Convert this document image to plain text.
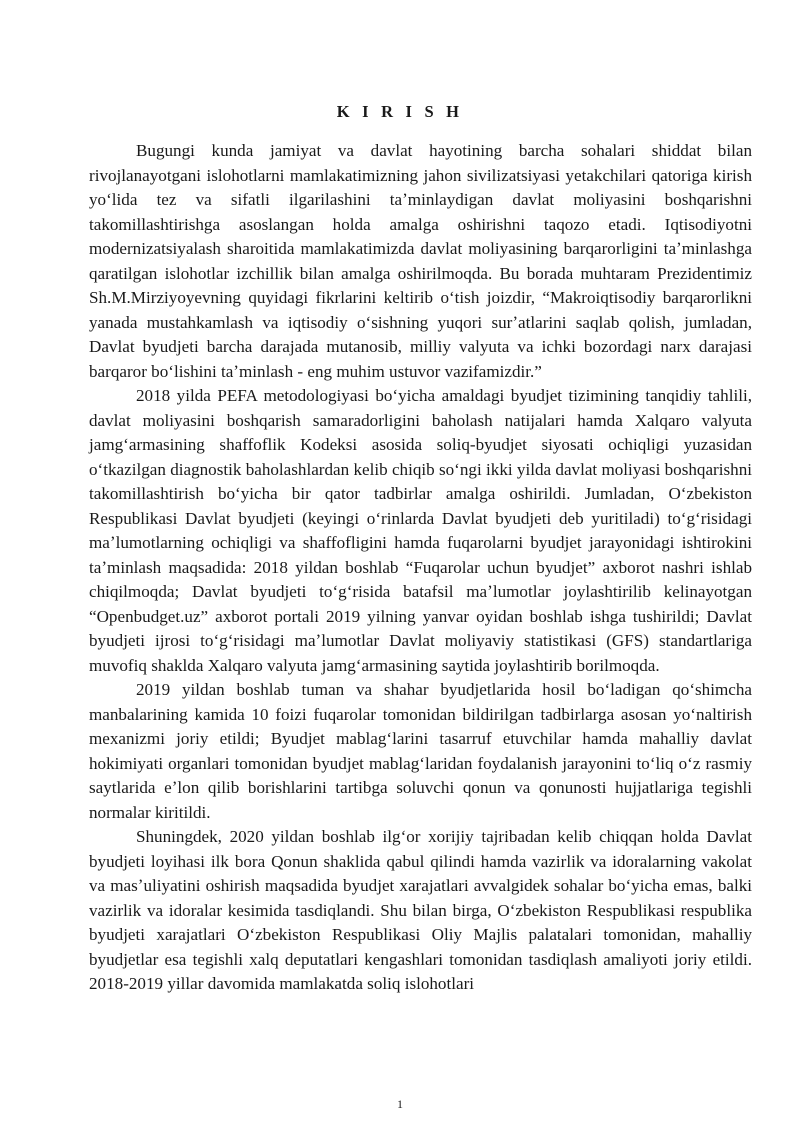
K I R I S H

Bugungi kunda jamiyat va davlat hayotining barcha sohalari shiddat bilan rivojlanayotgani islohotlarni mamlakatimizning jahon sivilizatsiyasi yetakchilari qatoriga kirish yoʻlida tez va sifatli ilgarilashini taʼminlaydigan davlat moliyasini boshqarishni takomillashtirishga asoslangan holda amalga oshirishni taqozo etadi. Iqtisodiyotni modernizatsiyalash sharoitida mamlakatimizda davlat moliyasining barqarorligini taʼminlashga qaratilgan islohotlar izchillik bilan amalga oshirilmoqda. Bu borada muhtaram Prezidentimiz Sh.M.Mirziyoyevning quyidagi fikrlarini keltirib oʻtish joizdir, “Makroiqtisodiy barqarorlikni yanada mustahkamlash va iqtisodiy oʻsishning yuqori surʼatlarini saqlab qolish, jumladan, Davlat byudjeti barcha darajada mutanosib, milliy valyuta va ichki bozordagi narx darajasi barqaror boʻlishini taʼminlash - eng muhim ustuvor vazifamizdir.”

2018 yilda PEFA metodologiyasi boʻyicha amaldagi byudjet tizimining tanqidiy tahlili, davlat moliyasini boshqarish samaradorligini baholash natijalari hamda Xalqaro valyuta jamgʻarmasining shaffoflik Kodeksi asosida soliq-byudjet siyosati ochiqligi yuzasidan oʻtkazilgan diagnostik baholashlardan kelib chiqib soʻngi ikki yilda davlat moliyasi boshqarishni takomillashtirish boʻyicha bir qator tadbirlar amalga oshirildi. Jumladan, Oʻzbekiston Respublikasi Davlat byudjeti (keyingi oʻrinlarda Davlat byudjeti deb yuritiladi) toʻgʻrisidagi maʼlumotlarning ochiqligi va shaffofligini hamda fuqarolarni byudjet jarayonidagi ishtirokini taʼminlash maqsadida: 2018 yildan boshlab “Fuqarolar uchun byudjet” axborot nashri ishlab chiqilmoqda; Davlat byudjeti toʻgʻrisida batafsil maʼlumotlar joylashtirilib kelinayotgan “Openbudget.uz” axborot portali 2019 yilning yanvar oyidan boshlab ishga tushirildi; Davlat byudjeti ijrosi toʻgʻrisidagi maʼlumotlar Davlat moliyaviy statistikasi (GFS) standartlariga muvofiq shaklda Xalqaro valyuta jamgʻarmasining saytida joylashtirib borilmoqda.

2019 yildan boshlab tuman va shahar byudjetlarida hosil boʻladigan qoʻshimcha manbalarining kamida 10 foizi fuqarolar tomonidan bildirilgan tadbirlarga asosan yoʻnaltirish mexanizmi joriy etildi; Byudjet mablagʻlarini tasarruf etuvchilar hamda mahalliy davlat hokimiyati organlari tomonidan byudjet mablagʻlaridan foydalanish jarayonini toʻliq oʻz rasmiy saytlarida eʼlon qilib borishlarini tartibga soluvchi qonun va qonunosti hujjatlariga tegishli normalar kiritildi.

Shuningdek, 2020 yildan boshlab ilgʻor xorijiy tajribadan kelib chiqqan holda Davlat byudjeti loyihasi ilk bora Qonun shaklida qabul qilindi hamda vazirlik va idoralarning vakolat va masʼuliyatini oshirish maqsadida byudjet xarajatlari avvalgidek sohalar boʻyicha emas, balki vazirlik va idoralar kesimida tasdiqlandi. Shu bilan birga, Oʻzbekiston Respublikasi respublika byudjeti xarajatlari Oʻzbekiston Respublikasi Oliy Majlis palatalari tomonidan, mahalliy byudjetlar esa tegishli xalq deputatlari kengashlari tomonidan tasdiqlash amaliyoti joriy etildi. 2018-2019 yillar davomida mamlakatda soliq islohotlari

1
